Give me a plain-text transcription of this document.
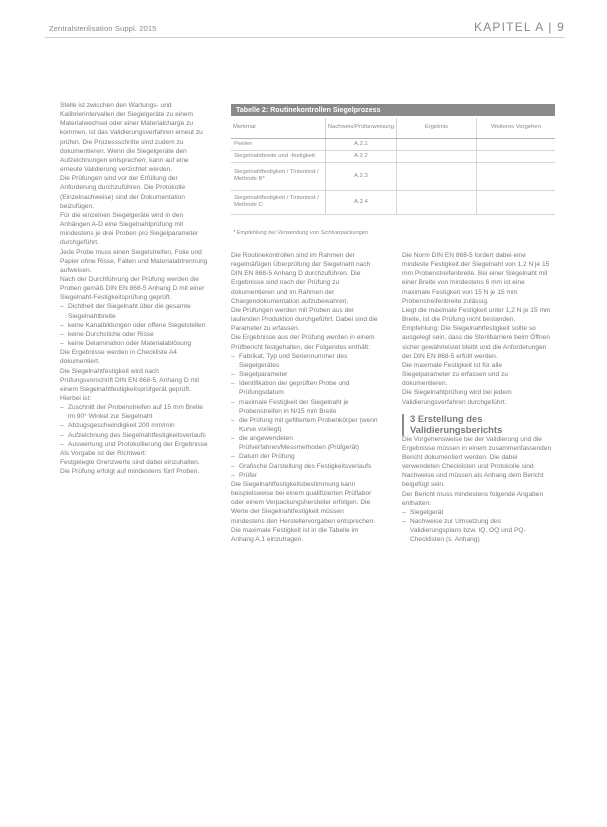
Zentralsterilisation Suppl. 2015	KAPITEL A | 9

Stelle ist zwischen den Wartungs- und Kalibrierintervallen der Siegelgeräte zu einem Materialwechsel oder einer Materialcharge zu kommen, ist das Validierungsverfahren erneut zu prüfen. Die Prozessschritte sind zudem zu dokumentieren. Wenn die Siegelgeräte den Aufzeichnungen entsprechen, kann auf eine erneute Validierung verzichtet werden.

Die Prüfungen sind vor der Erfüllung der Anforderung durchzuführen. Die Protokolle (Einzelnachweise) sind der Dokumentation beizufügen.

Für die einzelnen Siegelgeräte wird in den Anhängen A-D eine Siegelnahtprüfung mit mindestens je drei Proben pro Siegelparameter durchgeführt.

Jede Probe muss einen Siegelstreifen, Folie und Papier ohne Risse, Falten und Materialabtrennung aufweisen.

Nach der Durchführung der Prüfung werden die Proben gemäß DIN EN 868-5 Anhang D mit einer Siegelnaht-Festigkeitsprüfung geprüft.

– Dichtheit der Siegelnaht über die gesamte Siegelnahtbreite
– keine Kanalbildungen oder offene Siegelstellen
– keine Durchstiche oder Risse
– keine Delamination oder Materialablösung

Die Ergebnisse werden in Checkliste A4 dokumentiert.

Die Siegelnahtfestigkeit wird nach Prüfungsvorschrift DIN EN 868-5, Anhang D mit einem Siegelnahtfestigkeitsprüfgerät geprüft. Hierbei ist:

– Zuschnitt der Probenstreifen auf 15 mm Breite im 90° Winkel zur Siegelnaht
– Abzugsgeschwindigkeit 200 mm/min
– Aufzeichnung des Siegelnahtfestigkeitsverlaufs
– Auswertung und Protokollierung der Ergebnisse

Als Vorgabe ist der Richtwert:

Festgelegte Grenzwerte sind dabei einzuhalten. Die Prüfung erfolgt auf mindestens fünf Proben.

Tabelle 2: Routinekontrollen Siegelprozess
Merkmal	Nachweis/Prüfanweisung	Ergebnis	Weiteres Vorgehen
Peelen	A.2.1		
Siegelnahtbreite und -festigkeit	A.2.2		
Siegelnahtfestigkeit / Tintentest / Methode B*	A.2.3		
Siegelnahtfestigkeit / Tintentest / Methode C	A.2.4		
* Empfehlung bei Verwendung von Sichtverpackungen

Die Routinekontrollen sind im Rahmen der regelmäßigen Überprüfung der Siegelnaht nach DIN EN 868-5 Anhang D durchzuführen. Die Ergebnisse sind nach der Prüfung zu dokumentieren und im Rahmen der Chargendokumentation aufzubewahren.

Die Prüfungen werden mit Proben aus der laufenden Produktion durchgeführt. Dabei sind die Parameter zu erfassen.

Die Ergebnisse aus der Prüfung werden in einem Prüfbericht festgehalten, der Folgendes enthält:

– Fabrikat, Typ und Seriennummer des Siegelgerätes
– Siegelparameter
– Identifikation der geprüften Probe und Prüfungsdatum
– maximale Festigkeit der Siegelnaht je Probenstreifen in N/15 mm Breite
– die Prüfung mit gefiltertem Probenkörper (wenn Kurve vorliegt)
– die angewendeten Prüfverfahren/Messmethoden (Prüfgerät)
– Datum der Prüfung
– Grafische Darstellung des Festigkeitsverlaufs
– Prüfer

Die Siegelnahtfestigkeitsbestimmung kann beispielsweise bei einem qualifizierten Prüflabor oder einem Verpackungshersteller erfolgen. Die Werte der Siegelnahtfestigkeit müssen mindestens den Herstellervorgaben entsprechen. Die maximale Festigkeit ist in die Tabelle im Anhang A.1 einzutragen.

Die Norm DIN EN 868-5 fordert dabei eine mindeste Festigkeit der Siegelnaht von 1,2 N je 15 mm Probenstreifenbreite. Bei einer Siegelnaht mit einer Breite von mindestens 6 mm ist eine maximale Festigkeit von 15 N je 15 mm Probenstreifenbreite zulässig.

Liegt die maximale Festigkeit unter 1,2 N je 15 mm Breite, ist die Prüfung nicht bestanden.

Empfehlung: Die Siegelnahtfestigkeit sollte so ausgelegt sein, dass die Sterilbarriere beim Öffnen sicher gewährleistet bleibt und die Anforderungen der DIN EN 868-5 erfüllt werden.

Die maximale Festigkeit ist für alle Siegelparameter zu erfassen und zu dokumentieren.

Die Siegelnahtprüfung wird bei jedem Validierungsverfahren durchgeführt.

3 Erstellung des Validierungsberichts

Die Vorgehensweise bei der Validierung und die Ergebnisse müssen in einem zusammenfassenden Bericht dokumentiert werden. Die dabei verwendeten Checklisten und Protokolle sind Nachweise und müssen als Anhang dem Bericht beigefügt sein.

Der Bericht muss mindestens folgende Angaben enthalten:

– Siegelgerät
– Nachweise zur Umsetzung des Validierungsplans bzw. IQ, OQ und PQ-Checklisten (s. Anhang)
